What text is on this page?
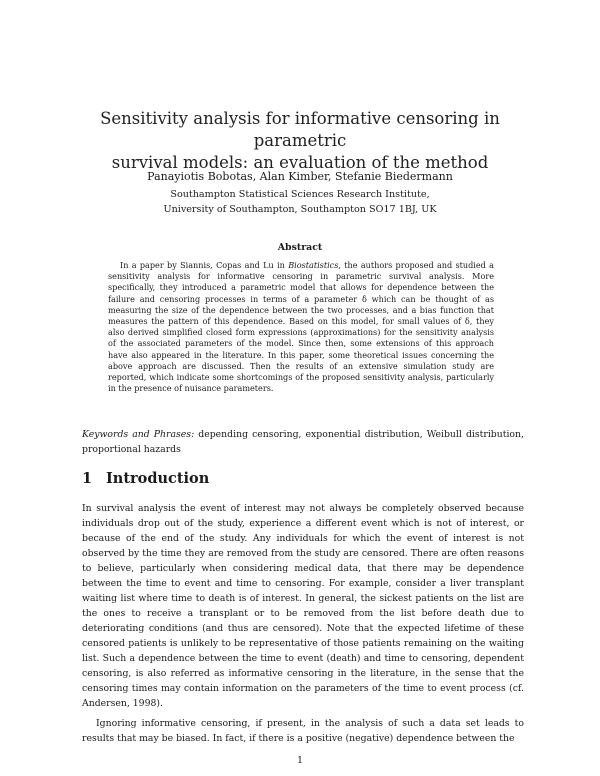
Sensitivity analysis for informative censoring in parametric
survival models: an evaluation of the method
Panayiotis Bobotas, Alan Kimber, Stefanie Biedermann
Southampton Statistical Sciences Research Institute,
University of Southampton, Southampton SO17 1BJ, UK
Abstract

In a paper by Siannis, Copas and Lu in Biostatistics, the authors proposed and studied a sensitivity analysis for informative censoring in parametric survival analysis. More specifically, they introduced a parametric model that allows for dependence between the failure and censoring processes in terms of a parameter δ which can be thought of as measuring the size of the dependence between the two processes, and a bias function that measures the pattern of this dependence. Based on this model, for small values of δ, they also derived simplified closed form expressions (approximations) for the sensitivity analysis of the associated parameters of the model. Since then, some extensions of this approach have also appeared in the literature. In this paper, some theoretical issues concerning the above approach are discussed. Then the results of an extensive simulation study are reported, which indicate some shortcomings of the proposed sensitivity analysis, particularly in the presence of nuisance parameters.

Keywords and Phrases: depending censoring, exponential distribution, Weibull distribution, proportional hazards

1 Introduction

In survival analysis the event of interest may not always be completely observed because individuals drop out of the study, experience a different event which is not of interest, or because of the end of the study. Any individuals for which the event of interest is not observed by the time they are removed from the study are censored. There are often reasons to believe, particularly when considering medical data, that there may be dependence between the time to event and time to censoring. For example, consider a liver transplant waiting list where time to death is of interest. In general, the sickest patients on the list are the ones to receive a transplant or to be removed from the list before death due to deteriorating conditions (and thus are censored). Note that the expected lifetime of these censored patients is unlikely to be representative of those patients remaining on the waiting list. Such a dependence between the time to event (death) and time to censoring, dependent censoring, is also referred as informative censoring in the literature, in the sense that the censoring times may contain information on the parameters of the time to event process (cf. Andersen, 1998).

Ignoring informative censoring, if present, in the analysis of such a data set leads to results that may be biased. In fact, if there is a positive (negative) dependence between the

1
